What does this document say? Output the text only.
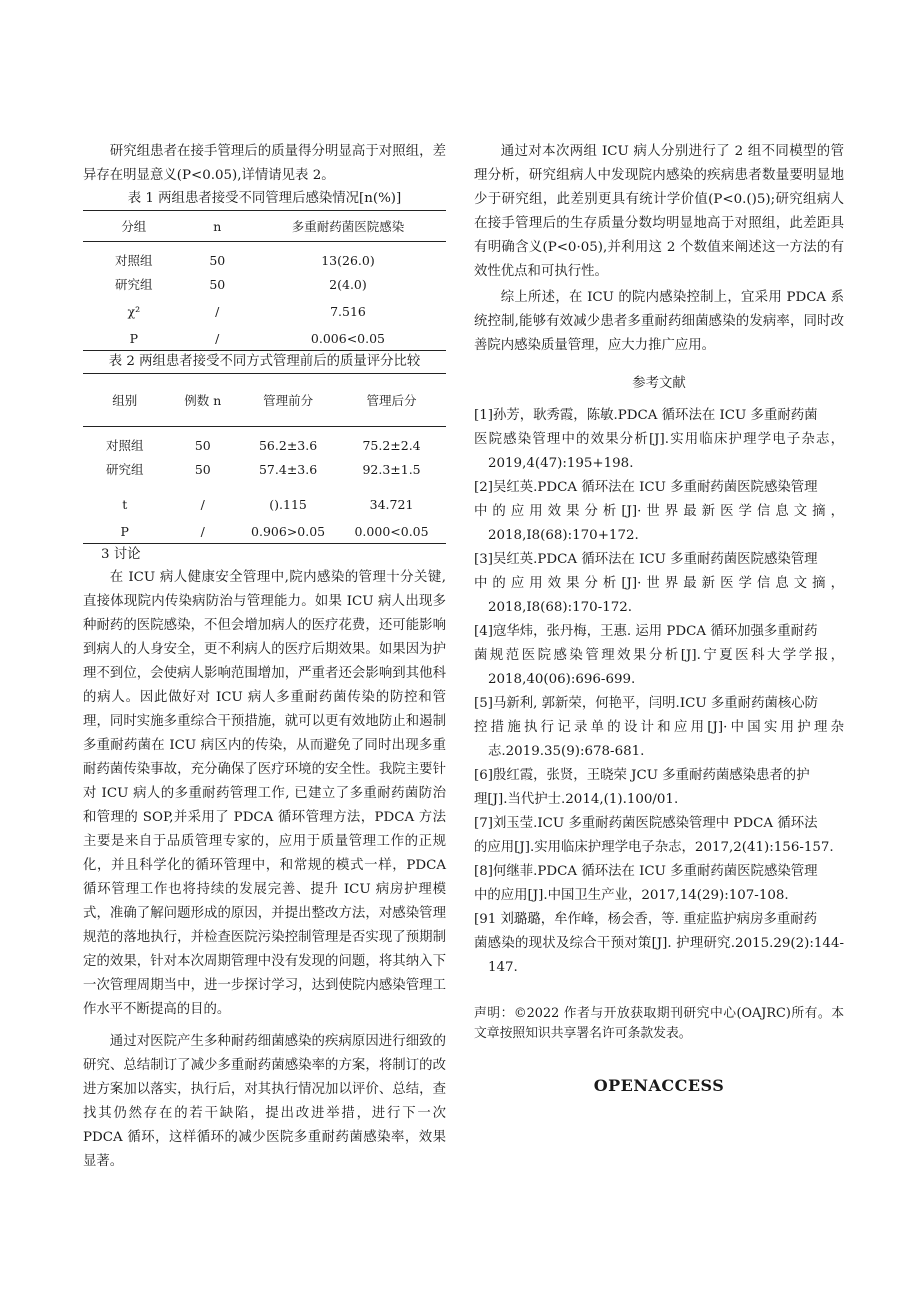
研究组患者在接手管理后的质量得分明显高于对照组，差异存在明显意义(P<0.05),详情请见表 2。

表 1 两组患者接受不同管理后感染情况[n(%)]
分组	n	多重耐药菌医院感染
对照组	50	13(26.0)
研究组	50	2(4.0)
χ²	/	7.516
P	/	0.006<0.05
表 2 两组患者接受不同方式管理前后的质量评分比较
组别	例数 n	管理前分	管理后分
对照组	50	56.2±3.6	75.2±2.4
研究组	50	57.4±3.6	92.3±1.5
t	/	().115	34.721
P	/	0.906>0.05	0.000<0.05
3 讨论

在 ICU 病人健康安全管理中,院内感染的管理十分关键,直接体现院内传染病防治与管理能力。如果 ICU 病人出现多种耐药的医院感染，不但会增加病人的医疗花费，还可能影响到病人的人身安全，更不利病人的医疗后期效果。如果因为护理不到位，会使病人影响范围增加，严重者还会影响到其他科的病人。因此做好对 ICU 病人多重耐药菌传染的防控和管理，同时实施多重综合干预措施，就可以更有效地防止和遏制多重耐药菌在 ICU 病区内的传染，从而避免了同时出现多重耐药菌传染事故，充分确保了医疗环境的安全性。我院主要针对 ICU 病人的多重耐药管理工作, 已建立了多重耐药菌防治和管理的 SOP,并采用了 PDCA 循环管理方法，PDCA 方法主要是来自于品质管理专家的，应用于质量管理工作的正规化，并且科学化的循环管理中，和常规的模式一样，PDCA 循环管理工作也将持续的发展完善、提升 ICU 病房护理模式，准确了解问题形成的原因，并提出整改方法，对感染管理规范的落地执行，并检查医院污染控制管理是否实现了预期制定的效果，针对本次周期管理中没有发现的问题，将其纳入下一次管理周期当中，进一步探讨学习，达到使院内感染管理工作水平不断提高的目的。

通过对医院产生多种耐药细菌感染的疾病原因进行细致的研究、总结制订了减少多重耐药菌感染率的方案，将制订的改进方案加以落实，执行后，对其执行情况加以评价、总结，查找其仍然存在的若干缺陷，提出改进举措，进行下一次 PDCA 循环，这样循环的减少医院多重耐药菌感染率，效果显著。

通过对本次两组 ICU 病人分别进行了 2 组不同模型的管理分析，研究组病人中发现院内感染的疾病患者数量要明显地少于研究组，此差别更具有统计学价值(P<0.()5);研究组病人在接手管理后的生存质量分数均明显地高于对照组，此差距具有明确含义(P<0·05),并利用这 2 个数值来阐述这一方法的有效性优点和可执行性。

综上所述，在 ICU 的院内感染控制上，宜采用 PDCA 系统控制,能够有效减少患者多重耐药细菌感染的发病率，同时改善院内感染质量管理，应大力推广应用。

参考文献

[1]孙芳，耿秀霞，陈敏.PDCA 循环法在 ICU 多重耐药菌
医院感染管理中的效果分析[J].实用临床护理学电子杂志，2019,4(47):195+198.

[2]吴红英.PDCA 循环法在 ICU 多重耐药菌医院感染管理
中的应用效果分析[J]·世界最新医学信息文摘，2018,I8(68):170+172.

[3]吴红英.PDCA 循环法在 ICU 多重耐药菌医院感染管理
中的应用效果分析[J]·世界最新医学信息文摘，2018,I8(68):170-172.

[4]寇华炜，张丹梅，王惠. 运用 PDCA 循环加强多重耐药
菌规范医院感染管理效果分析[J].宁夏医科大学学报，2018,40(06):696-699.

[5]马新利, 郭新荣，何艳平，闫明.ICU 多重耐药菌核心防
控措施执行记录单的设计和应用[J]·中国实用护理杂志.2019.35(9):678-681.

[6]殷红霞，张贤，王晓荣 JCU 多重耐药菌感染患者的护
理[J].当代护士.2014,(1).100/01.

[7]刘玉莹.ICU 多重耐药菌医院感染管理中 PDCA 循环法
的应用[J].实用临床护理学电子杂志，2017,2(41):156-157.

[8]何继菲.PDCA 循环法在 ICU 多重耐药菌医院感染管理
中的应用[J].中国卫生产业，2017,14(29):107-108.

[91 刘璐璐，牟作峰，杨会香，等. 重症监护病房多重耐药
菌感染的现状及综合干预对策[J]. 护理研究.2015.29(2):144-147.

声明：©2022 作者与开放获取期刊研究中心(OAJRC)所有。本文章按照知识共享署名许可条款发表。

OPENACCESS
